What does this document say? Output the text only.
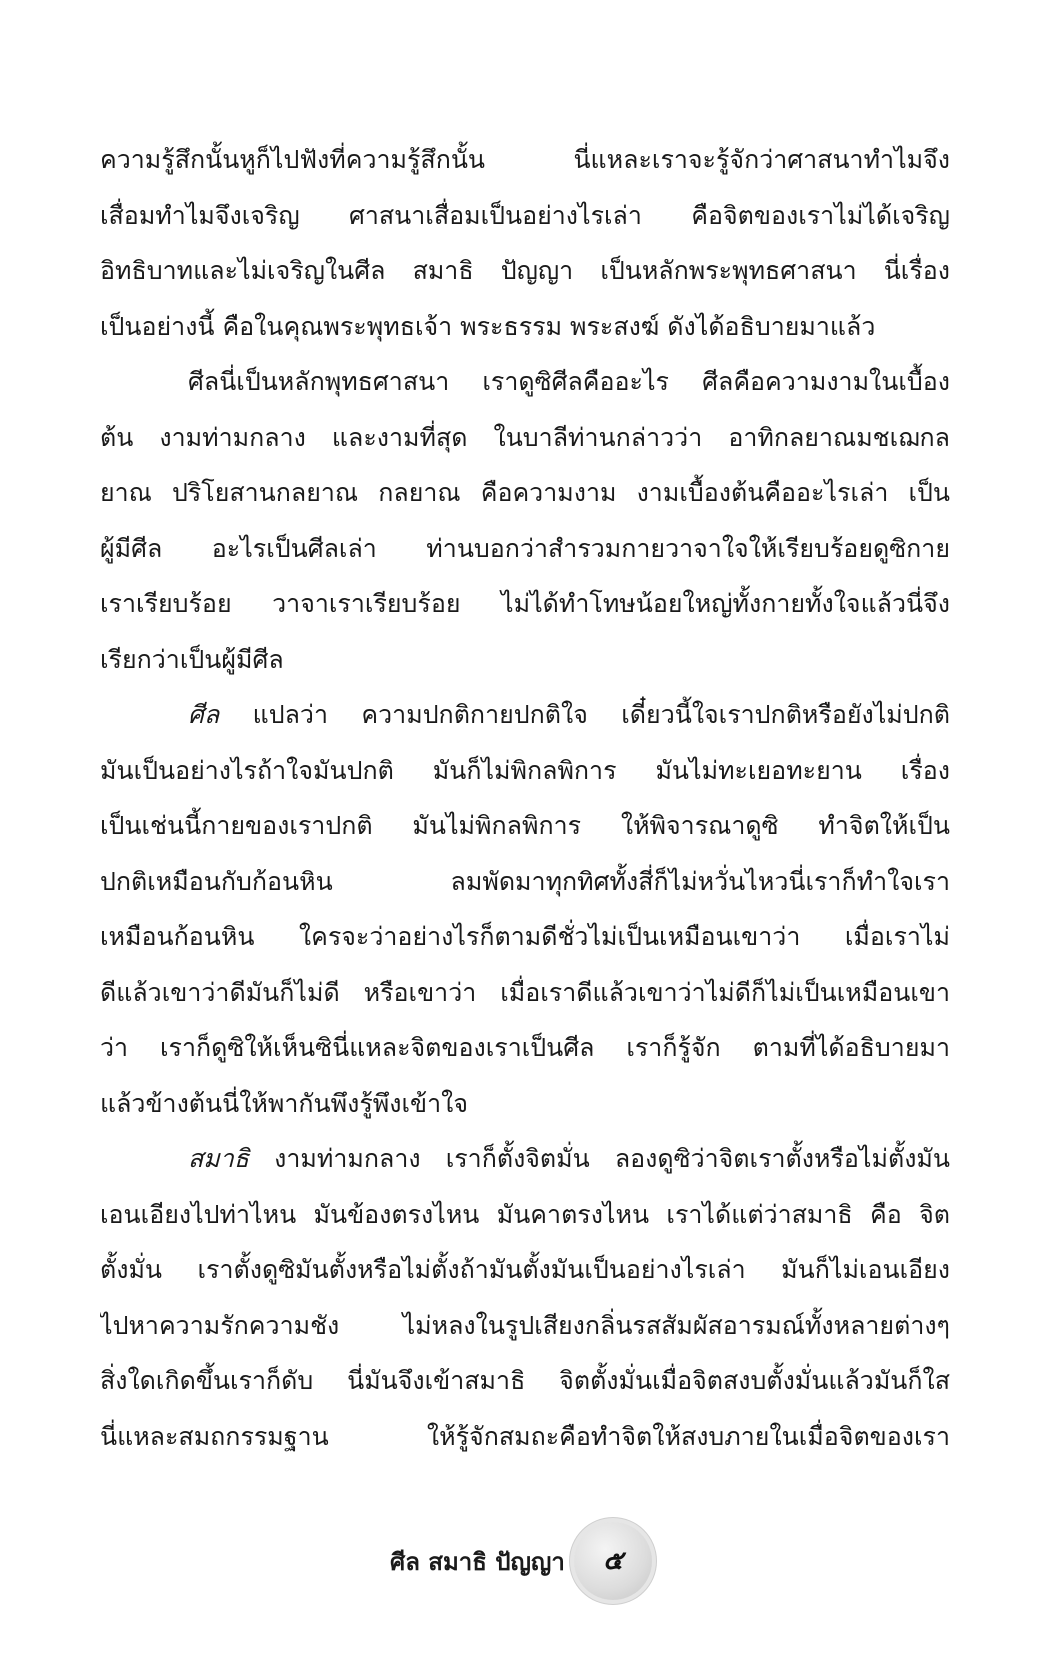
ความรู้สึกนั้นหูก็ไปฟังที่ความรู้สึกนั้น นี่แหละเราจะรู้จักว่าศาสนาทำไมจึง
เสื่อมทำไมจึงเจริญ ศาสนาเสื่อมเป็นอย่างไรเล่า คือจิตของเราไม่ได้เจริญ
อิทธิบาทและไม่เจริญในศีล สมาธิ ปัญญา เป็นหลักพระพุทธศาสนา นี่เรื่อง
เป็นอย่างนี้ คือในคุณพระพุทธเจ้า พระธรรม พระสงฆ์ ดังได้อธิบายมาแล้ว
ศีลนี่เป็นหลักพุทธศาสนา เราดูซิศีลคืออะไร ศีลคือความงามในเบื้อง
ต้น งามท่ามกลาง และงามที่สุด ในบาลีท่านกล่าวว่า อาทิกลยาณมชเฌกล
ยาณ ปริโยสานกลยาณ กลยาณ คือความงาม งามเบื้องต้นคืออะไรเล่า เป็น
ผู้มีศีล อะไรเป็นศีลเล่า ท่านบอกว่าสำรวมกายวาจาใจให้เรียบร้อยดูซิกาย
เราเรียบร้อย วาจาเราเรียบร้อย ไม่ได้ทำโทษน้อยใหญ่ทั้งกายทั้งใจแล้วนี่จึง
เรียกว่าเป็นผู้มีศีล
ศีล แปลว่า ความปกติกายปกติใจ เดี๋ยวนี้ใจเราปกติหรือยังไม่ปกติ
มันเป็นอย่างไรถ้าใจมันปกติ มันก็ไม่พิกลพิการ มันไม่ทะเยอทะยาน เรื่อง
เป็นเช่นนี้กายของเราปกติ มันไม่พิกลพิการ ให้พิจารณาดูซิ ทำจิตให้เป็น
ปกติเหมือนกับก้อนหิน ลมพัดมาทุกทิศทั้งสี่ก็ไม่หวั่นไหวนี่เราก็ทำใจเรา
เหมือนก้อนหิน ใครจะว่าอย่างไรก็ตามดีชั่วไม่เป็นเหมือนเขาว่า เมื่อเราไม่
ดีแล้วเขาว่าดีมันก็ไม่ดี หรือเขาว่า เมื่อเราดีแล้วเขาว่าไม่ดีก็ไม่เป็นเหมือนเขา
ว่า เราก็ดูซิให้เห็นซินี่แหละจิตของเราเป็นศีล เราก็รู้จัก ตามที่ได้อธิบายมา
แล้วข้างต้นนี่ให้พากันพึงรู้พึงเข้าใจ
สมาธิ งามท่ามกลาง เราก็ตั้งจิตมั่น ลองดูซิว่าจิตเราตั้งหรือไม่ตั้งมัน
เอนเอียงไปท่าไหน มันข้องตรงไหน มันคาตรงไหน เราได้แต่ว่าสมาธิ คือ จิต
ตั้งมั่น เราตั้งดูซิมันตั้งหรือไม่ตั้งถ้ามันตั้งมันเป็นอย่างไรเล่า มันก็ไม่เอนเอียง
ไปหาความรักความชัง ไม่หลงในรูปเสียงกลิ่นรสสัมผัสอารมณ์ทั้งหลายต่างๆ
สิ่งใดเกิดขึ้นเราก็ดับ นี่มันจึงเข้าสมาธิ จิตตั้งมั่นเมื่อจิตสงบตั้งมั่นแล้วมันก็ใส
นี่แหละสมถกรรมฐาน ให้รู้จักสมถะคือทำจิตให้สงบภายในเมื่อจิตของเรา
ศีล สมาธิ ปัญญา	๕
